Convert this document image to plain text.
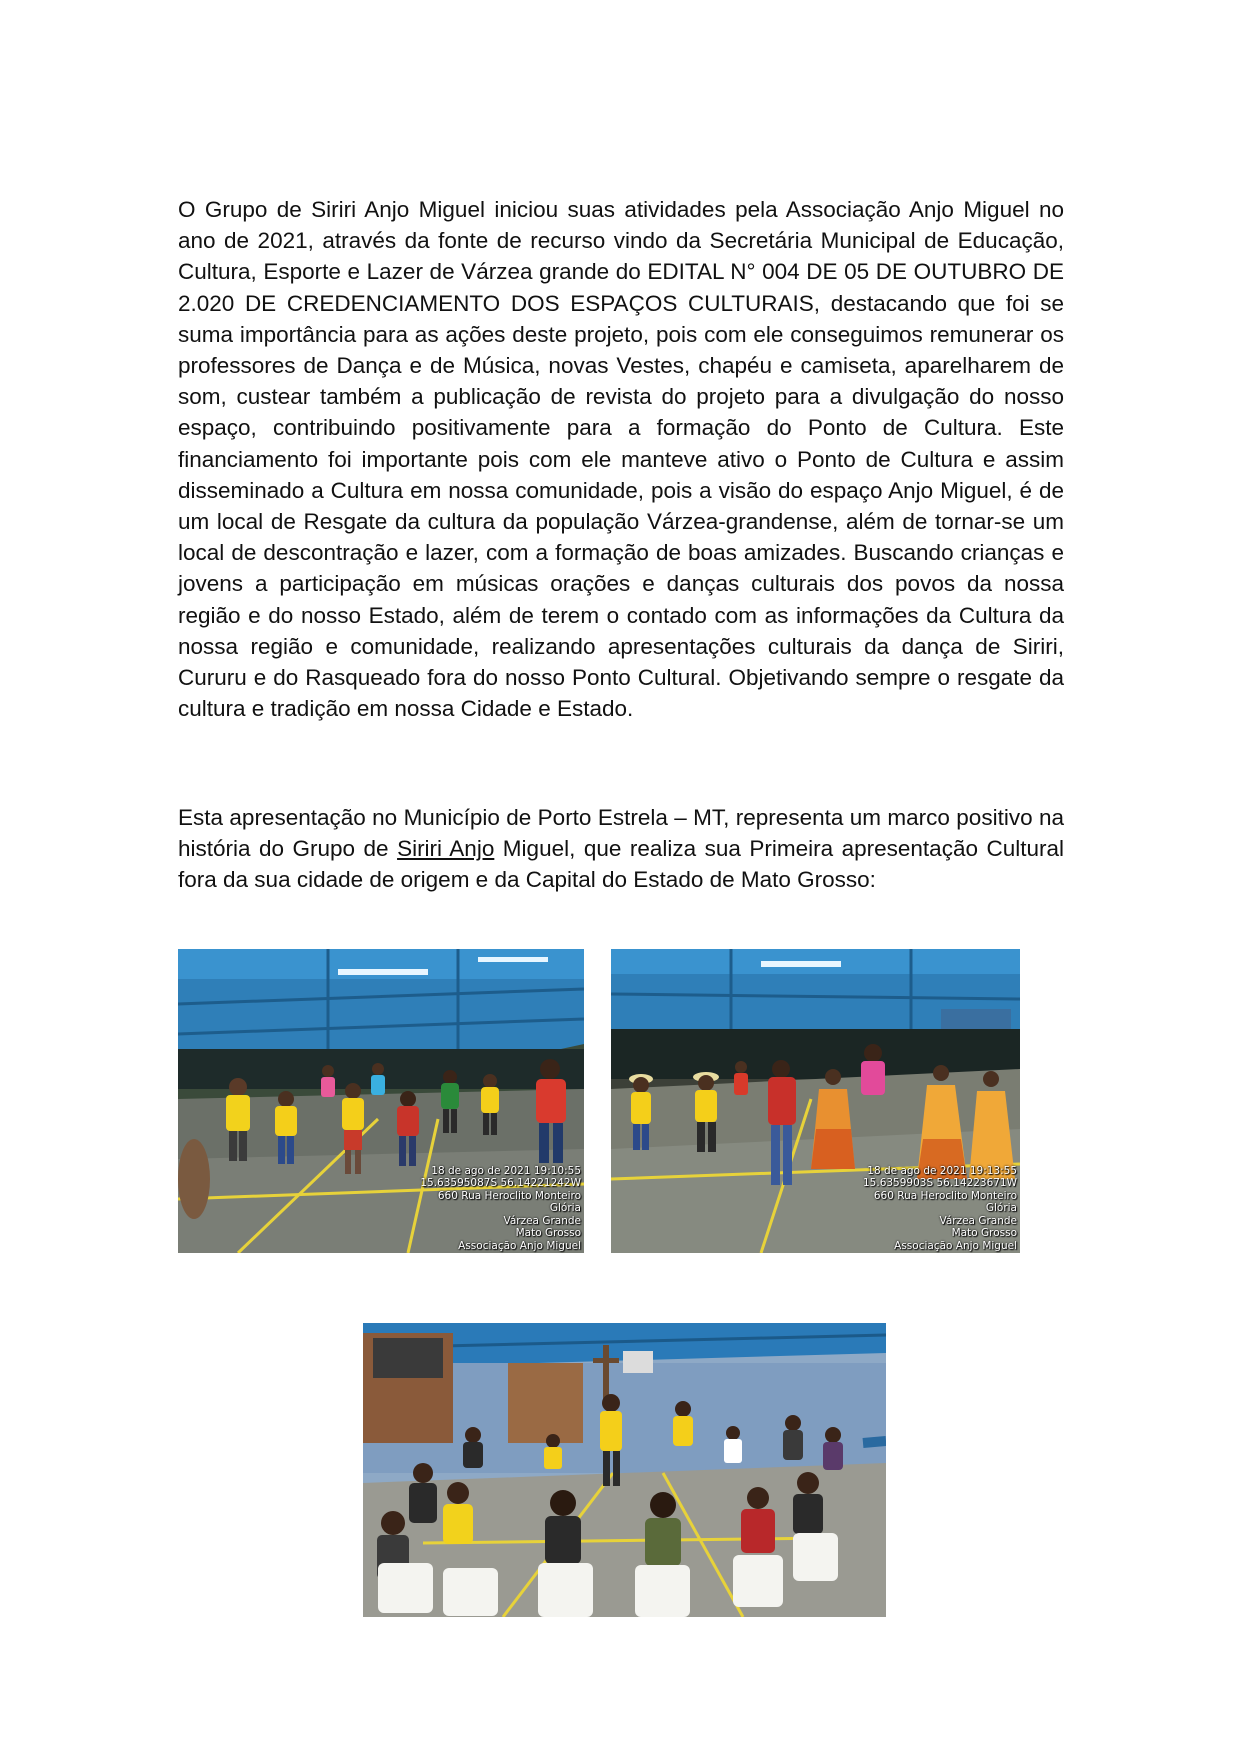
O Grupo de Siriri Anjo Miguel iniciou suas atividades pela Associação Anjo Miguel no ano de 2021, através da fonte de recurso vindo da Secretária Municipal de Educação, Cultura, Esporte e Lazer de Várzea grande do EDITAL N° 004 DE 05 DE OUTUBRO DE 2.020 DE CREDENCIAMENTO DOS ESPAÇOS CULTURAIS, destacando que foi se suma importância para as ações deste projeto, pois com ele conseguimos remunerar os professores de Dança e de Música, novas Vestes, chapéu e camiseta, aparelharem de som, custear também a publicação de revista do projeto para a divulgação do nosso espaço, contribuindo positivamente para a formação do Ponto de Cultura. Este financiamento foi importante pois com ele manteve ativo o Ponto de Cultura e assim disseminado a Cultura em nossa comunidade, pois a visão do espaço Anjo Miguel, é de um local de Resgate da cultura da população Várzea-grandense, além de tornar-se um local de descontração e lazer, com a formação de boas amizades. Buscando crianças e jovens a participação em músicas orações e danças culturais dos povos da nossa região e do nosso Estado, além de terem o contado com as informações da Cultura da nossa região e comunidade, realizando apresentações culturais da dança de Siriri, Cururu e do Rasqueado fora do nosso Ponto Cultural. Objetivando sempre o resgate da cultura e tradição em nossa Cidade e Estado.

Esta apresentação no Município de Porto Estrela – MT, representa um marco positivo na história do Grupo de Siriri Anjo Miguel, que realiza sua Primeira apresentação Cultural fora da sua cidade de origem e da Capital do Estado de Mato Grosso:

18 de ago de 2021 19:10:55
15.63595087S 56.14221242W
660 Rua Heroclito Monteiro
Glória
Várzea Grande
Mato Grosso
Associação Anjo Miguel
18 de ago de 2021 19:13:55
15.6359903S 56.14223671W
660 Rua Heroclito Monteiro
Glória
Várzea Grande
Mato Grosso
Associação Anjo Miguel
